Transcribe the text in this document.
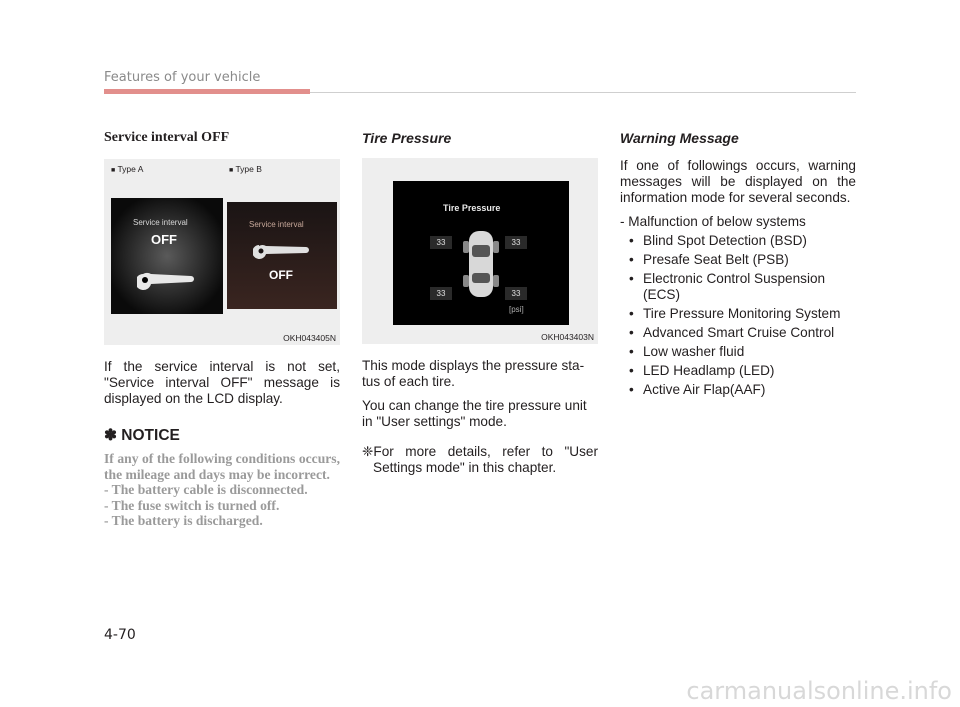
Features of your vehicle

Service interval OFF

■ Type A	■ Type B
Service interval
OFF
Service interval
OFF
OKH043405N

If the service interval is not set, "Service interval OFF" message is displayed on the LCD display.

✽ NOTICE
If any of the following conditions occurs, the mileage and days may be incorrect.
- The battery cable is disconnected.
- The fuse switch is turned off.
- The battery is discharged.

Tire Pressure

Tire Pressure
33	33
33	33
[psi]
OKH043403N

This mode displays the pressure sta-
tus of each tire.

You can change the tire pressure unit in "User settings" mode.

❈For more details, refer to "User Settings mode" in this chapter.

Warning Message

If one of followings occurs, warning messages will be displayed on the information mode for several seconds.

- Malfunction of below systems

• Blind Spot Detection (BSD)
• Presafe Seat Belt (PSB)
• Electronic Control Suspension (ECS)
• Tire Pressure Monitoring System
• Advanced Smart Cruise Control
• Low washer fluid
• LED Headlamp (LED)
• Active Air Flap(AAF)
4-70
carmanualsonline.info
